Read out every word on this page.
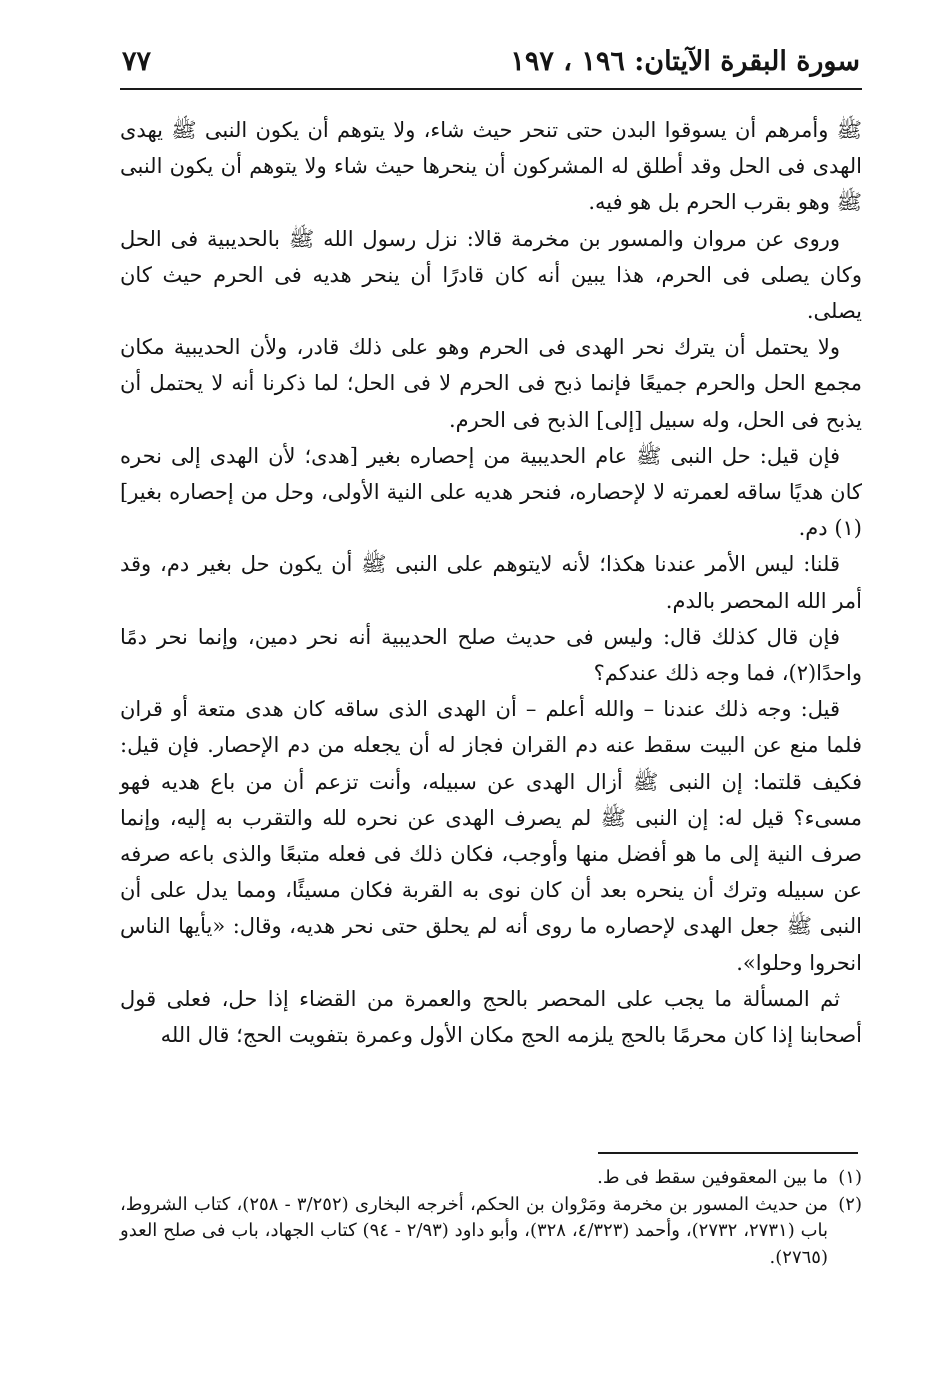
سورة البقرة الآيتان: ١٩٦ ، ١٩٧
٧٧

ﷺ وأمرهم أن يسوقوا البدن حتى تنحر حيث شاء، ولا يتوهم أن يكون النبى ﷺ يهدى الهدى فى الحل وقد أطلق له المشركون أن ينحرها حيث شاء ولا يتوهم أن يكون النبى ﷺ وهو بقرب الحرم بل هو فيه.

وروى عن مروان والمسور بن مخرمة قالا: نزل رسول الله ﷺ بالحديبية فى الحل وكان يصلى فى الحرم، هذا يبين أنه كان قادرًا أن ينحر هديه فى الحرم حيث كان يصلى.

ولا يحتمل أن يترك نحر الهدى فى الحرم وهو على ذلك قادر، ولأن الحديبية مكان مجمع الحل والحرم جميعًا فإنما ذبح فى الحرم لا فى الحل؛ لما ذكرنا أنه لا يحتمل أن يذبح فى الحل، وله سبيل [إلى] الذبح فى الحرم.

فإن قيل: حل النبى ﷺ عام الحديبية من إحصاره بغير [هدى؛ لأن الهدى إلى نحره كان هديًا ساقه لعمرته لا لإحصاره، فنحر هديه على النية الأولى، وحل من إحصاره بغير](١) دم.

قلنا: ليس الأمر عندنا هكذا؛ لأنه لايتوهم على النبى ﷺ أن يكون حل بغير دم، وقد أمر الله المحصر بالدم.

فإن قال كذلك قال: وليس فى حديث صلح الحديبية أنه نحر دمين، وإنما نحر دمًا واحدًا(٢)، فما وجه ذلك عندكم؟

قيل: وجه ذلك عندنا – والله أعلم – أن الهدى الذى ساقه كان هدى متعة أو قران فلما منع عن البيت سقط عنه دم القران فجاز له أن يجعله من دم الإحصار. فإن قيل: فكيف قلتما: إن النبى ﷺ أزال الهدى عن سبيله، وأنت تزعم أن من باع هديه فهو مسىء؟ قيل له: إن النبى ﷺ لم يصرف الهدى عن نحره لله والتقرب به إليه، وإنما صرف النية إلى ما هو أفضل منها وأوجب، فكان ذلك فى فعله متبعًا والذى باعه صرفه عن سبيله وترك أن ينحره بعد أن كان نوى به القربة فكان مسيئًا، ومما يدل على أن النبى ﷺ جعل الهدى لإحصاره ما روى أنه لم يحلق حتى نحر هديه، وقال: «يأيها الناس انحروا وحلوا».

ثم المسألة ما يجب على المحصر بالحج والعمرة من القضاء إذا حل، فعلى قول أصحابنا إذا كان محرمًا بالحج يلزمه الحج مكان الأول وعمرة بتفويت الحج؛ قال الله

(١)
ما بين المعقوفين سقط فى ط.
(٢)
من حديث المسور بن مخرمة ومَرْوان بن الحكم، أخرجه البخارى (٣/٢٥٢ - ٢٥٨)، كتاب الشروط، باب (٢٧٣١، ٢٧٣٢)، وأحمد (٤/٣٢٣، ٣٢٨)، وأبو داود (٢/٩٣ - ٩٤) كتاب الجهاد، باب فى صلح العدو (٢٧٦٥).
